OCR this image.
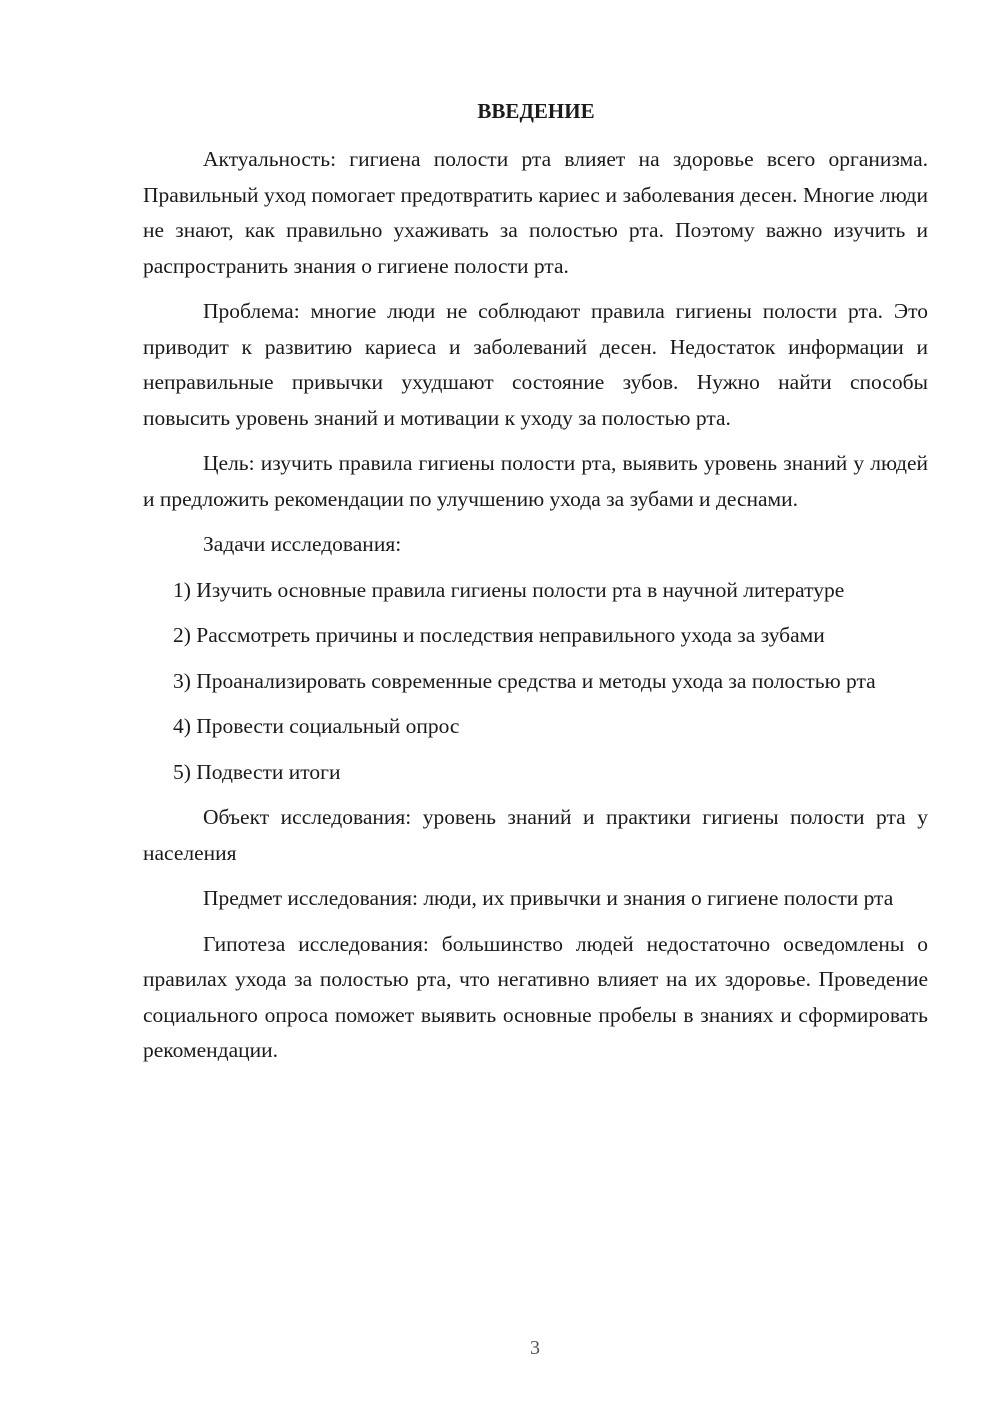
ВВЕДЕНИЕ

Актуальность: гигиена полости рта влияет на здоровье всего организма. Правильный уход помогает предотвратить кариес и заболевания десен. Многие люди не знают, как правильно ухаживать за полостью рта. Поэтому важно изучить и распространить знания о гигиене полости рта.

Проблема: многие люди не соблюдают правила гигиены полости рта. Это приводит к развитию кариеса и заболеваний десен. Недостаток информации и неправильные привычки ухудшают состояние зубов. Нужно найти способы повысить уровень знаний и мотивации к уходу за полостью рта.

Цель: изучить правила гигиены полости рта, выявить уровень знаний у людей и предложить рекомендации по улучшению ухода за зубами и деснами.

Задачи исследования:

1) Изучить основные правила гигиены полости рта в научной литературе

2) Рассмотреть причины и последствия неправильного ухода за зубами

3) Проанализировать современные средства и методы ухода за полостью рта

4) Провести социальный опрос

5) Подвести итоги

Объект исследования: уровень знаний и практики гигиены полости рта у населения

Предмет исследования: люди, их привычки и знания о гигиене полости рта

Гипотеза исследования: большинство людей недостаточно осведомлены о правилах ухода за полостью рта, что негативно влияет на их здоровье. Проведение социального опроса поможет выявить основные пробелы в знаниях и сформировать рекомендации.

3
